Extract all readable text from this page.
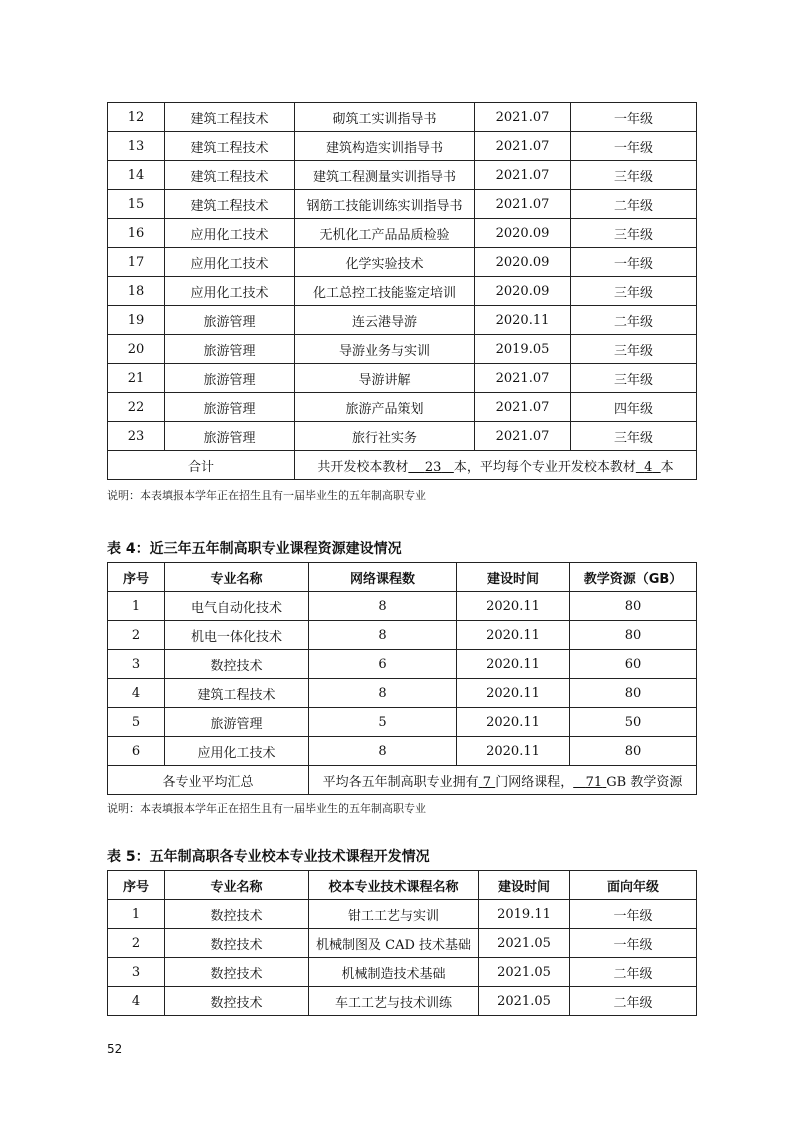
12	建筑工程技术	砌筑工实训指导书	2021.07	一年级
13	建筑工程技术	建筑构造实训指导书	2021.07	一年级
14	建筑工程技术	建筑工程测量实训指导书	2021.07	三年级
15	建筑工程技术	钢筋工技能训练实训指导书	2021.07	二年级
16	应用化工技术	无机化工产品品质检验	2020.09	三年级
17	应用化工技术	化学实验技术	2020.09	一年级
18	应用化工技术	化工总控工技能鉴定培训	2020.09	三年级
19	旅游管理	连云港导游	2020.11	二年级
20	旅游管理	导游业务与实训	2019.05	三年级
21	旅游管理	导游讲解	2021.07	三年级
22	旅游管理	旅游产品策划	2021.07	四年级
23	旅游管理	旅行社实务	2021.07	三年级
合计		共开发校本教材 23 本，平均每个专业开发校本教材 4 本		
说明：本表填报本学年正在招生且有一届毕业生的五年制高职专业
表 4：近三年五年制高职专业课程资源建设情况
序号	专业名称	网络课程数	建设时间	教学资源（GB）
1	电气自动化技术	8	2020.11	80
2	机电一体化技术	8	2020.11	80
3	数控技术	6	2020.11	60
4	建筑工程技术	8	2020.11	80
5	旅游管理	5	2020.11	50
6	应用化工技术	8	2020.11	80
各专业平均汇总		平均各五年制高职专业拥有 7 门网络课程， 71 GB 教学资源		
说明：本表填报本学年正在招生且有一届毕业生的五年制高职专业
表 5：五年制高职各专业校本专业技术课程开发情况
序号	专业名称	校本专业技术课程名称	建设时间	面向年级
1	数控技术	钳工工艺与实训	2019.11	一年级
2	数控技术	机械制图及 CAD 技术基础	2021.05	一年级
3	数控技术	机械制造技术基础	2021.05	二年级
4	数控技术	车工工艺与技术训练	2021.05	二年级
52
